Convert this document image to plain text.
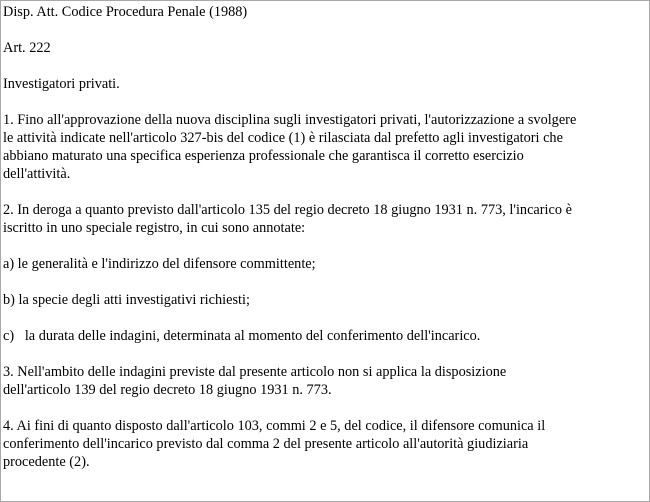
Disp. Att. Codice Procedura Penale (1988)
Art. 222
Investigatori privati.
1. Fino all'approvazione della nuova disciplina sugli investigatori privati, l'autorizzazione a svolgere
le attività indicate nell'articolo 327-bis del codice (1) è rilasciata dal prefetto agli investigatori che
abbiano maturato una specifica esperienza professionale che garantisca il corretto esercizio
dell'attività.
2. In deroga a quanto previsto dall'articolo 135 del regio decreto 18 giugno 1931 n. 773, l'incarico è
iscritto in uno speciale registro, in cui sono annotate:
a) le generalità e l'indirizzo del difensore committente;
b) la specie degli atti investigativi richiesti;
c)   la durata delle indagini, determinata al momento del conferimento dell'incarico.
3. Nell'ambito delle indagini previste dal presente articolo non si applica la disposizione
dell'articolo 139 del regio decreto 18 giugno 1931 n. 773.
4. Ai fini di quanto disposto dall'articolo 103, commi 2 e 5, del codice, il difensore comunica il
conferimento dell'incarico previsto dal comma 2 del presente articolo all'autorità giudiziaria
procedente (2).
